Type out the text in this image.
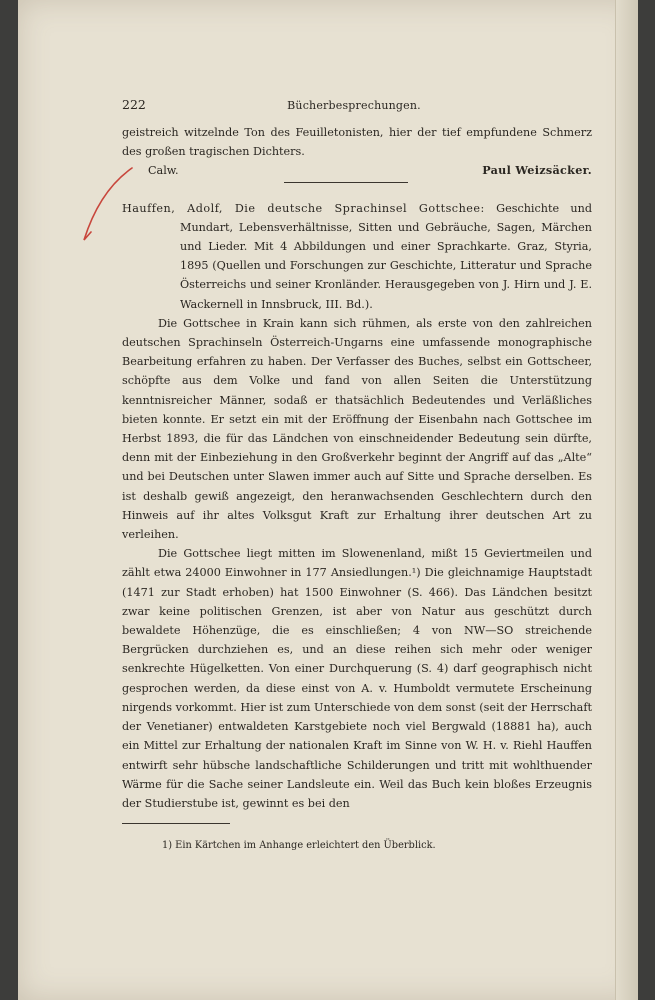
222	Bücherbesprechungen.

geistreich witzelnde Ton des Feuilletonisten, hier der tief empfundene Schmerz des großen tragischen Dichters.

Calw.	Paul Weizsäcker.

Hauffen, Adolf, Die deutsche Sprachinsel Gottschee: Geschichte und Mundart, Lebensverhältnisse, Sitten und Gebräuche, Sagen, Märchen und Lieder. Mit 4 Abbildungen und einer Sprachkarte. Graz, Styria, 1895 (Quellen und Forschungen zur Geschichte, Litteratur und Sprache Österreichs und seiner Kronländer. Herausgegeben von J. Hirn und J. E. Wackernell in Innsbruck, III. Bd.).

Die Gottschee in Krain kann sich rühmen, als erste von den zahlreichen deutschen Sprachinseln Österreich-Ungarns eine umfassende monographische Bearbeitung erfahren zu haben. Der Verfasser des Buches, selbst ein Gottscheer, schöpfte aus dem Volke und fand von allen Seiten die Unterstützung kenntnisreicher Männer, sodaß er thatsächlich Bedeutendes und Verläßliches bieten konnte. Er setzt ein mit der Eröffnung der Eisenbahn nach Gottschee im Herbst 1893, die für das Ländchen von einschneidender Bedeutung sein dürfte, denn mit der Einbeziehung in den Großverkehr beginnt der Angriff auf das „Alte“ und bei Deutschen unter Slawen immer auch auf Sitte und Sprache derselben. Es ist deshalb gewiß angezeigt, den heranwachsenden Geschlechtern durch den Hinweis auf ihr altes Volksgut Kraft zur Erhaltung ihrer deutschen Art zu verleihen.

Die Gottschee liegt mitten im Slowenenland, mißt 15 Geviertmeilen und zählt etwa 24000 Einwohner in 177 Ansiedlungen.¹) Die gleichnamige Hauptstadt (1471 zur Stadt erhoben) hat 1500 Einwohner (S. 466). Das Ländchen besitzt zwar keine politischen Grenzen, ist aber von Natur aus geschützt durch bewaldete Höhenzüge, die es einschließen; 4 von NW—SO streichende Bergrücken durchziehen es, und an diese reihen sich mehr oder weniger senkrechte Hügelketten. Von einer Durchquerung (S. 4) darf geographisch nicht gesprochen werden, da diese einst von A. v. Humboldt vermutete Erscheinung nirgends vorkommt. Hier ist zum Unterschiede von dem sonst (seit der Herrschaft der Venetianer) entwaldeten Karstgebiete noch viel Bergwald (18881 ha), auch ein Mittel zur Erhaltung der nationalen Kraft im Sinne von W. H. v. Riehl Hauffen entwirft sehr hübsche landschaftliche Schilderungen und tritt mit wohlthuender Wärme für die Sache seiner Landsleute ein. Weil das Buch kein bloßes Erzeugnis der Studierstube ist, gewinnt es bei den

1) Ein Kärtchen im Anhange erleichtert den Überblick.
